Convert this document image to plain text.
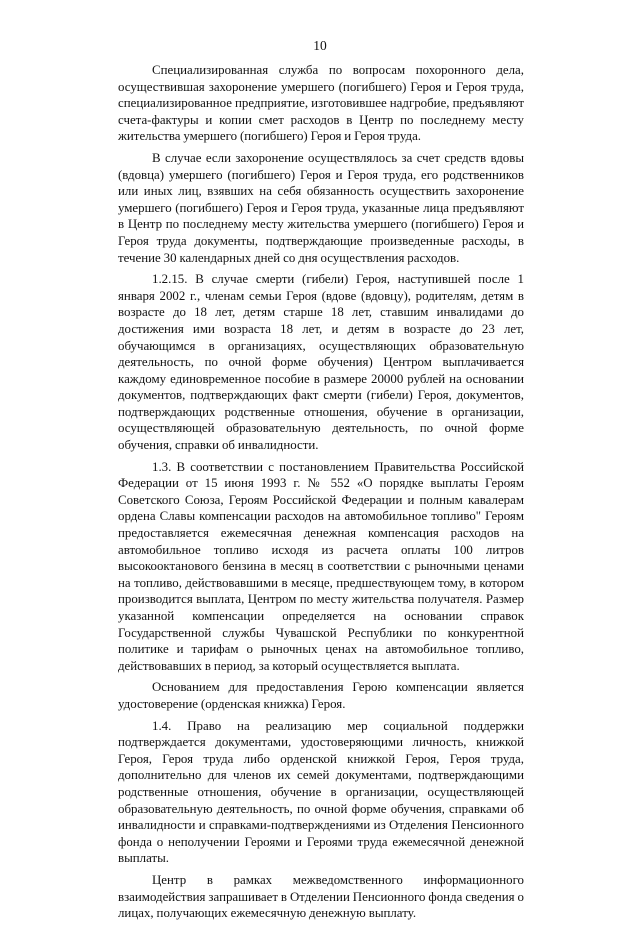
10

Специализированная служба по вопросам похоронного дела, осуществившая захоронение умершего (погибшего) Героя и Героя труда, специализированное предприятие, изготовившее надгробие, предъявляют счета-фактуры и копии смет расходов в Центр по последнему месту жительства умершего (погибшего) Героя и Героя труда.

В случае если захоронение осуществлялось за счет средств вдовы (вдовца) умершего (погибшего) Героя и Героя труда, его родственников или иных лиц, взявших на себя обязанность осуществить захоронение умершего (погибшего) Героя и Героя труда, указанные лица предъявляют в Центр по последнему месту жительства умершего (погибшего) Героя и Героя труда документы, подтверждающие произведенные расходы, в течение 30 календарных дней со дня осуществления расходов.

1.2.15. В случае смерти (гибели) Героя, наступившей после 1 января 2002 г., членам семьи Героя (вдове (вдовцу), родителям, детям в возрасте до 18 лет, детям старше 18 лет, ставшим инвалидами до достижения ими возраста 18 лет, и детям в возрасте до 23 лет, обучающимся в организациях, осуществляющих образовательную деятельность, по очной форме обучения) Центром выплачивается каждому единовременное пособие в размере 20000 рублей на основании документов, подтверждающих факт смерти (гибели) Героя, документов, подтверждающих родственные отношения, обучение в организации, осуществляющей образовательную деятельность, по очной форме обучения, справки об инвалидности.

1.3. В соответствии с постановлением Правительства Российской Федерации от 15 июня 1993 г. № 552 «О порядке выплаты Героям Советского Союза, Героям Российской Федерации и полным кавалерам ордена Славы компенсации расходов на автомобильное топливо" Героям предоставляется ежемесячная денежная компенсация расходов на автомобильное топливо исходя из расчета оплаты 100 литров высокооктанового бензина в месяц в соответствии с рыночными ценами на топливо, действовавшими в месяце, предшествующем тому, в котором производится выплата, Центром по месту жительства получателя. Размер указанной компенсации определяется на основании справок Государственной службы Чувашской Республики по конкурентной политике и тарифам о рыночных ценах на автомобильное топливо, действовавших в период, за который осуществляется выплата.

Основанием для предоставления Герою компенсации является удостоверение (орденская книжка) Героя.

1.4. Право на реализацию мер социальной поддержки подтверждается документами, удостоверяющими личность, книжкой Героя, Героя труда либо орденской книжкой Героя, Героя труда, дополнительно для членов их семей документами, подтверждающими родственные отношения, обучение в организации, осуществляющей образовательную деятельность, по очной форме обучения, справками об инвалидности и справками-подтверждениями из Отделения Пенсионного фонда о неполучении Героями и Героями труда ежемесячной денежной выплаты.

Центр в рамках межведомственного информационного взаимодействия запрашивает в Отделении Пенсионного фонда сведения о лицах, получающих ежемесячную денежную выплату.
